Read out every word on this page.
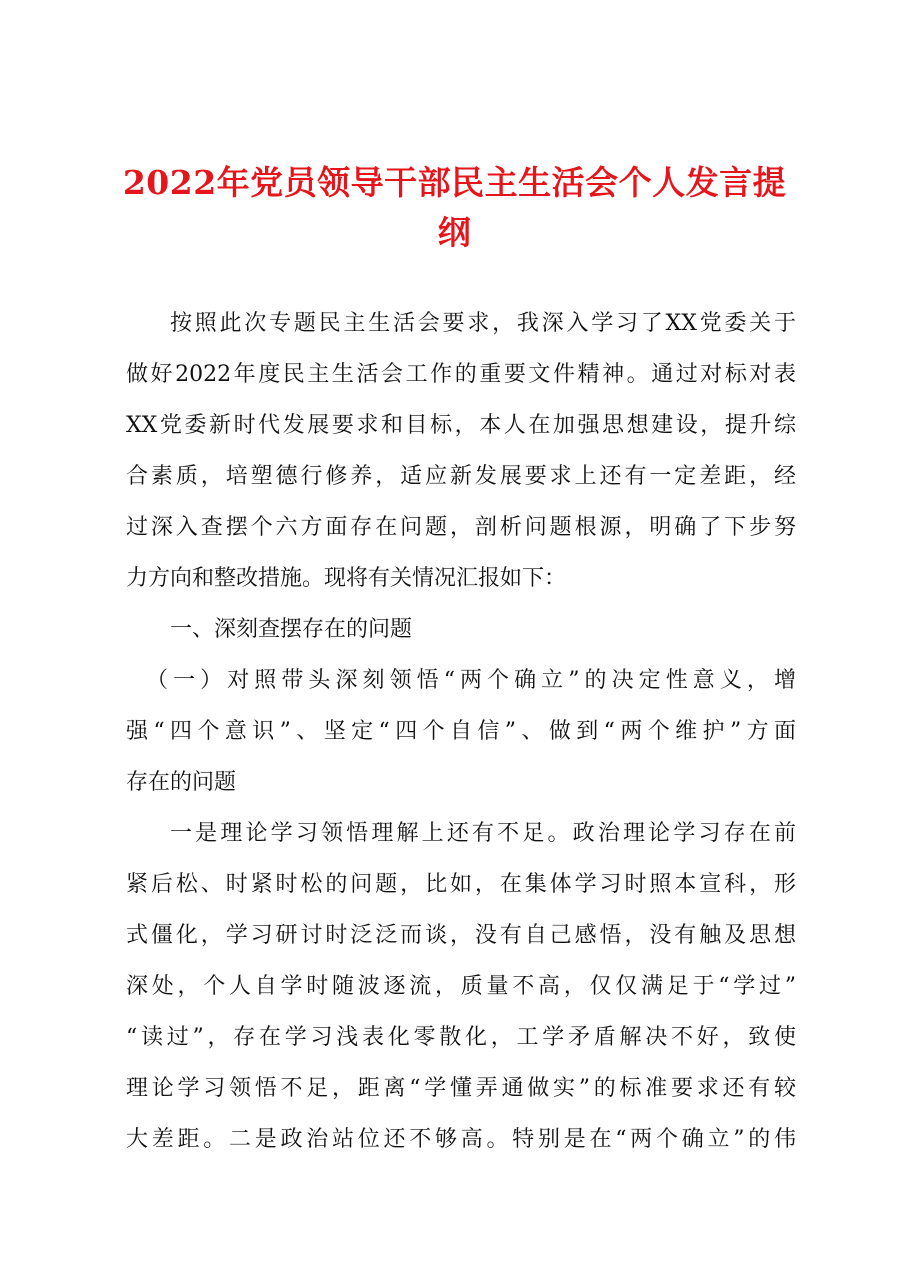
2022年党员领导干部民主生活会个人发言提
纲
按照此次专题民主生活会要求，我深入学习了XX党委关于
做好2022年度民主生活会工作的重要文件精神。通过对标对表
XX党委新时代发展要求和目标，本人在加强思想建设，提升综
合素质，培塑德行修养，适应新发展要求上还有一定差距，经
过深入查摆个六方面存在问题，剖析问题根源，明确了下步努
力方向和整改措施。现将有关情况汇报如下：
一、深刻查摆存在的问题
（一）对照带头深刻领悟“两个确立”的决定性意义，增
强“四个意识”、坚定“四个自信”、做到“两个维护”方面
存在的问题
一是理论学习领悟理解上还有不足。政治理论学习存在前
紧后松、时紧时松的问题，比如，在集体学习时照本宣科，形
式僵化，学习研讨时泛泛而谈，没有自己感悟，没有触及思想
深处，个人自学时随波逐流，质量不高，仅仅满足于“学过”
“读过”，存在学习浅表化零散化，工学矛盾解决不好，致使
理论学习领悟不足，距离“学懂弄通做实”的标准要求还有较
大差距。二是政治站位还不够高。特别是在“两个确立”的伟
